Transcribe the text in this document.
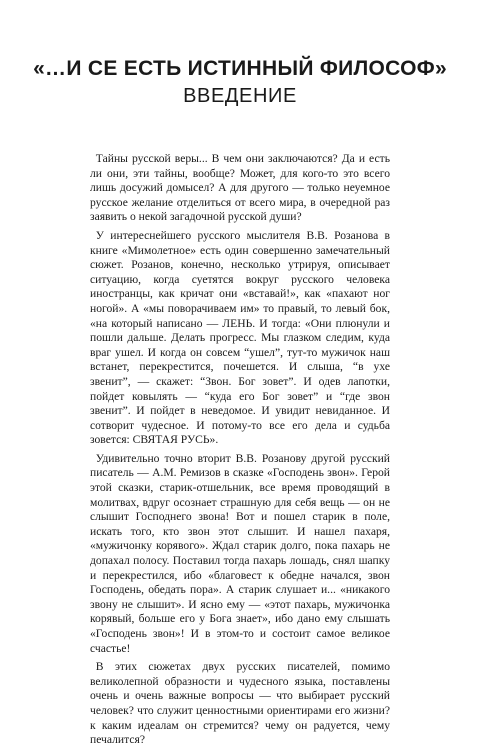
«…И СЕ ЕСТЬ ИСТИННЫЙ ФИЛОСОФ»
ВВЕДЕНИЕ

Тайны русской веры... В чем они заключаются? Да и есть ли они, эти тайны, вообще? Может, для кого-то это всего лишь досужий домысел? А для другого — только неуемное русское желание отделиться от всего мира, в очередной раз заявить о некой загадочной русской души?

У интереснейшего русского мыслителя В.В. Розанова в книге «Мимолетное» есть один совершенно замечательный сюжет. Розанов, конечно, несколько утрируя, описывает ситуацию, когда суетятся вокруг русского человека иностранцы, как кричат они «вставай!», как «пахают ног ногой». А «мы поворачиваем им» то правый, то левый бок, «на который написано — ЛЕНЬ. И тогда: «Они плюнули и пошли дальше. Делать прогресс. Мы глазком следим, куда враг ушел. И когда он совсем “ушел”, тут-то мужичок наш встанет, перекрестится, почешется. И слыша, “в ухе звенит”, — скажет: “Звон. Бог зовет”. И одев лапотки, пойдет ковылять — “куда его Бог зовет” и “где звон звенит”. И пойдет в неведомое. И увидит невиданное. И сотворит чудесное. И потому-то все его дела и судьба зовется: СВЯТАЯ РУСЬ».

Удивительно точно вторит В.В. Розанову другой русский писатель — А.М. Ремизов в сказке «Господень звон». Герой этой сказки, старик-отшельник, все время проводящий в молитвах, вдруг осознает страшную для себя вещь — он не слышит Господнего звона! Вот и пошел старик в поле, искать того, кто звон этот слышит. И нашел пахаря, «мужичонку корявого». Ждал старик долго, пока пахарь не допахал полосу. Поставил тогда пахарь лошадь, снял шапку и перекрестился, ибо «благовест к обедне начался, звон Господень, обедать пора». А старик слушает и... «никакого звону не слышит». И ясно ему — «этот пахарь, мужичонка корявый, больше его у Бога знает», ибо дано ему слышать «Господень звон»! И в этом-то и состоит самое великое счастье!

В этих сюжетах двух русских писателей, помимо великолепной образности и чудесного языка, поставлены очень и очень важные вопросы — что выбирает русский человек? что служит ценностными ориентирами его жизни? к каким идеалам он стремится? чему он радуется, чему печалится?
